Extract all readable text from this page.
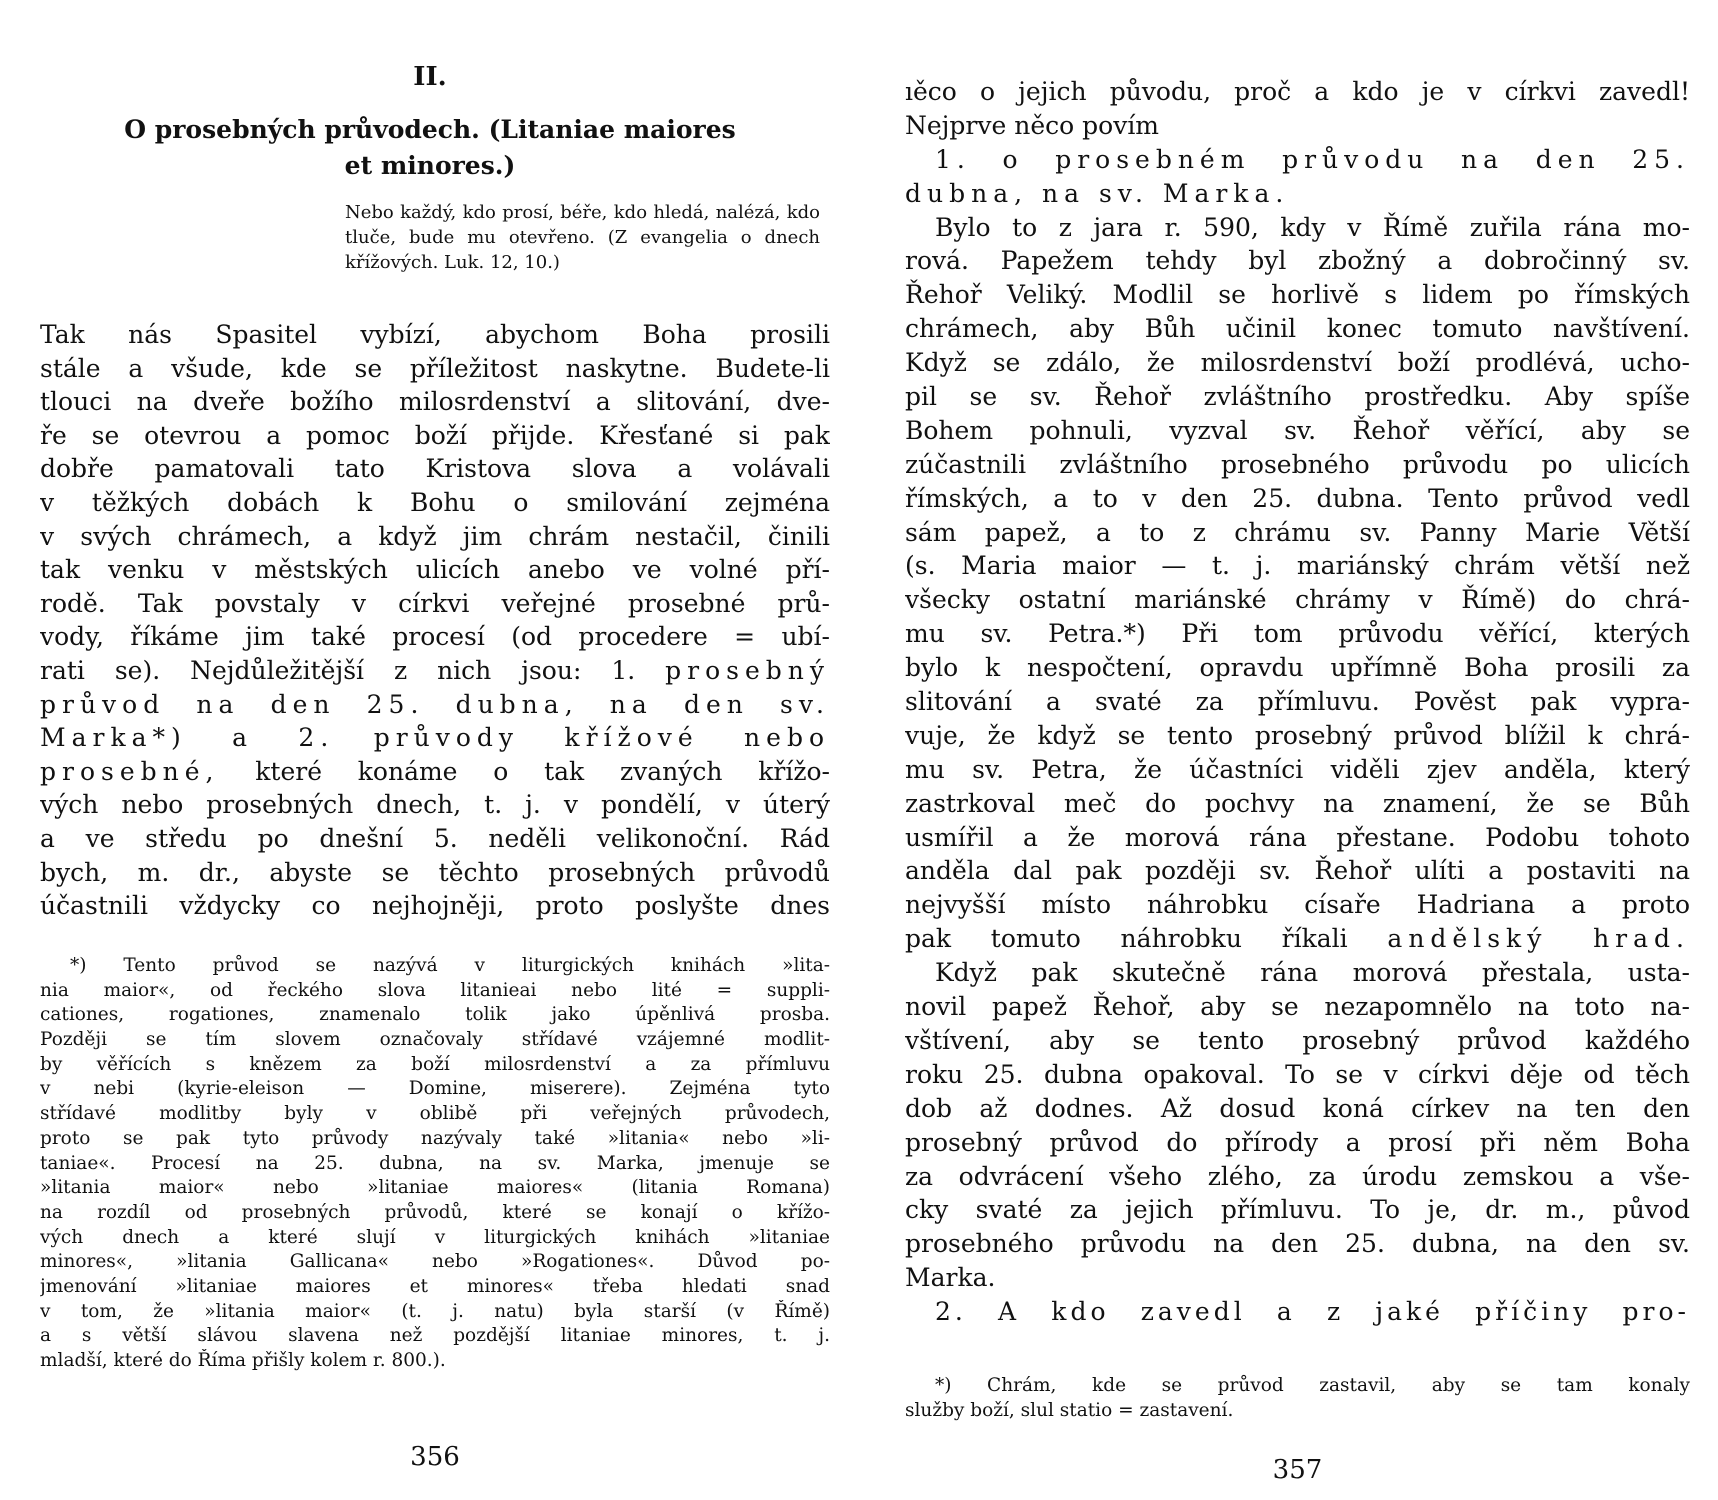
II.
O prosebných průvodech. (Litaniae maiores
et minores.)
Nebo každý, kdo prosí, béře, kdo hledá, nalézá, kdo tluče, bude mu otevřeno. (Z evangelia o dnech křížových. Luk. 12, 10.)
Tak nás Spasitel vybízí, abychom Boha prosili
stále a všude, kde se příležitost naskytne. Budete-li
tlouci na dveře božího milosrdenství a slitování, dve-
ře se otevrou a pomoc boží přijde. Křesťané si pak
dobře pamatovali tato Kristova slova a volávali
v těžkých dobách k Bohu o smilování zejména
v svých chrámech, a když jim chrám nestačil, činili
tak venku v městských ulicích anebo ve volné pří-
rodě. Tak povstaly v církvi veřejné prosebné prů-
vody, říkáme jim také procesí (od procedere = ubí-
rati se). Nejdůležitější z nich jsou: 1. prosebný
průvod na den 25. dubna, na den sv.
Marka*) a 2. průvody křížové nebo
prosebné, které konáme o tak zvaných křížo-
vých nebo prosebných dnech, t. j. v pondělí, v úterý
a ve středu po dnešní 5. neděli velikonoční. Rád
bych, m. dr., abyste se těchto prosebných průvodů
účastnili vždycky co nejhojněji, proto poslyšte dnes
*) Tento průvod se nazývá v liturgických knihách »lita-
nia maior«, od řeckého slova litanieai nebo lité = suppli-
cationes, rogationes, znamenalo tolik jako úpěnlivá prosba.
Později se tím slovem označovaly střídavé vzájemné modlit-
by věřících s knězem za boží milosrdenství a za přímluvu
v nebi (kyrie-eleison — Domine, miserere). Zejména tyto
střídavé modlitby byly v oblibě při veřejných průvodech,
proto se pak tyto průvody nazývaly také »litania« nebo »li-
taniae«. Procesí na 25. dubna, na sv. Marka, jmenuje se
»litania maior« nebo »litaniae maiores« (litania Romana)
na rozdíl od prosebných průvodů, které se konají o křížo-
vých dnech a které slují v liturgických knihách »litaniae
minores«, »litania Gallicana« nebo »Rogationes«. Důvod po-
jmenování »litaniae maiores et minores« třeba hledati snad
v tom, že »litania maior« (t. j. natu) byla starší (v Římě)
a s větší slávou slavena než pozdější litaniae minores, t. j.
mladší, které do Říma přišly kolem r. 800.).
356
ıěco o jejich původu, proč a kdo je v církvi zavedl!
Nejprve něco povím
1. o prosebném průvodu na den 25.
dubna, na sv. Marka.
Bylo to z jara r. 590, kdy v Římě zuřila rána mo-
rová. Papežem tehdy byl zbožný a dobročinný sv.
Řehoř Veliký. Modlil se horlivě s lidem po římských
chrámech, aby Bůh učinil konec tomuto navštívení.
Když se zdálo, že milosrdenství boží prodlévá, ucho-
pil se sv. Řehoř zvláštního prostředku. Aby spíše
Bohem pohnuli, vyzval sv. Řehoř věřící, aby se
zúčastnili zvláštního prosebného průvodu po ulicích
římských, a to v den 25. dubna. Tento průvod vedl
sám papež, a to z chrámu sv. Panny Marie Větší
(s. Maria maior — t. j. mariánský chrám větší než
všecky ostatní mariánské chrámy v Římě) do chrá-
mu sv. Petra.*) Při tom průvodu věřící, kterých
bylo k nespočtení, opravdu upřímně Boha prosili za
slitování a svaté za přímluvu. Pověst pak vypra-
vuje, že když se tento prosebný průvod blížil k chrá-
mu sv. Petra, že účastníci viděli zjev anděla, který
zastrkoval meč do pochvy na znamení, že se Bůh
usmířil a že morová rána přestane. Podobu tohoto
anděla dal pak později sv. Řehoř ulíti a postaviti na
nejvyšší místo náhrobku císaře Hadriana a proto
pak tomuto náhrobku říkali andělský hrad.
Když pak skutečně rána morová přestala, usta-
novil papež Řehoř, aby se nezapomnělo na toto na-
vštívení, aby se tento prosebný průvod každého
roku 25. dubna opakoval. To se v církvi děje od těch
dob až dodnes. Až dosud koná církev na ten den
prosebný průvod do přírody a prosí při něm Boha
za odvrácení všeho zlého, za úrodu zemskou a vše-
cky svaté za jejich přímluvu. To je, dr. m., původ
prosebného průvodu na den 25. dubna, na den sv.
Marka.
2. A kdo zavedl a z jaké příčiny pro-
*) Chrám, kde se průvod zastavil, aby se tam konaly
služby boží, slul statio = zastavení.
357
